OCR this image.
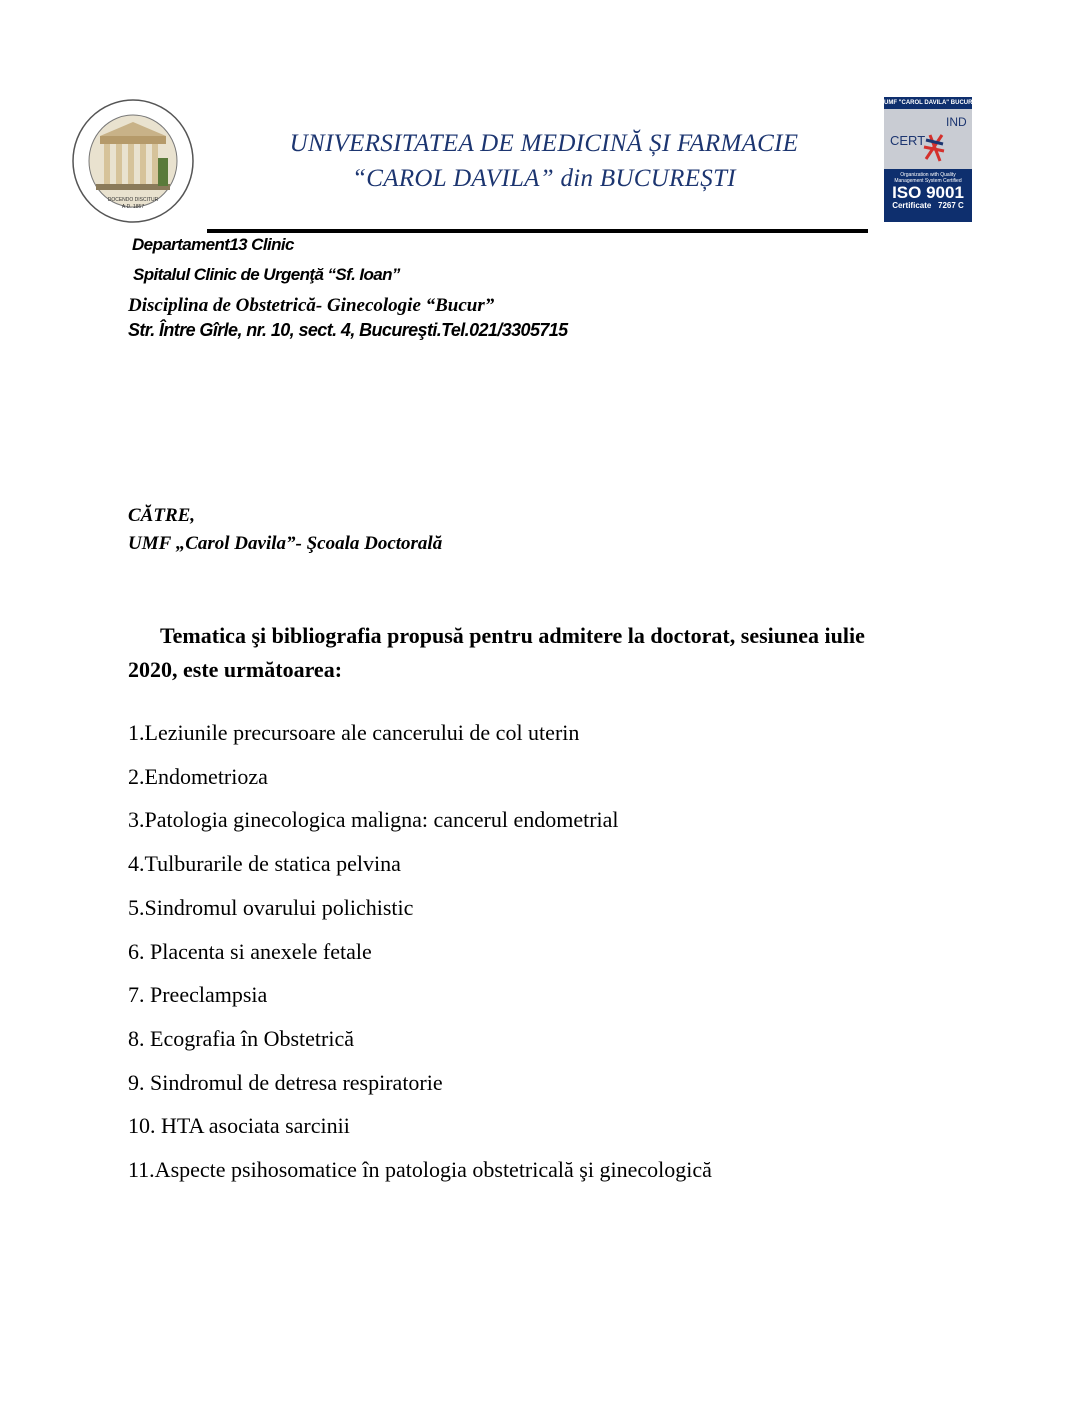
DOCENDO DISCITUR
A.D. 1857
UNIVERSITATEA DE MEDICINĂ ȘI FARMACIE
“CAROL DAVILA” din BUCUREȘTI
UMF "CAROL DAVILA" BUCUREȘTI
CERT
IND
Organization with Quality Management System Certified
ISO 9001
Certificate   7267 C
Departament13 Clinic
Spitalul Clinic de Urgenţă “Sf. Ioan”
Disciplina de Obstetrică- Ginecologie “Bucur”
Str. Între Gîrle, nr. 10, sect. 4, Bucureşti.Tel.021/3305715
CĂTRE,
UMF „Carol Davila”- Şcoala Doctorală
Tematica şi bibliografia propusă pentru admitere la doctorat, sesiunea iulie
2020, este următoarea:
1.Leziunile precursoare ale cancerului de col uterin
2.Endometrioza
3.Patologia ginecologica maligna: cancerul endometrial
4.Tulburarile de statica pelvina
5.Sindromul ovarului polichistic
6. Placenta si anexele fetale
7. Preeclampsia
8. Ecografia în Obstetrică
9. Sindromul de detresa respiratorie
10. HTA asociata sarcinii
11.Aspecte psihosomatice în patologia obstetricală şi ginecologică
